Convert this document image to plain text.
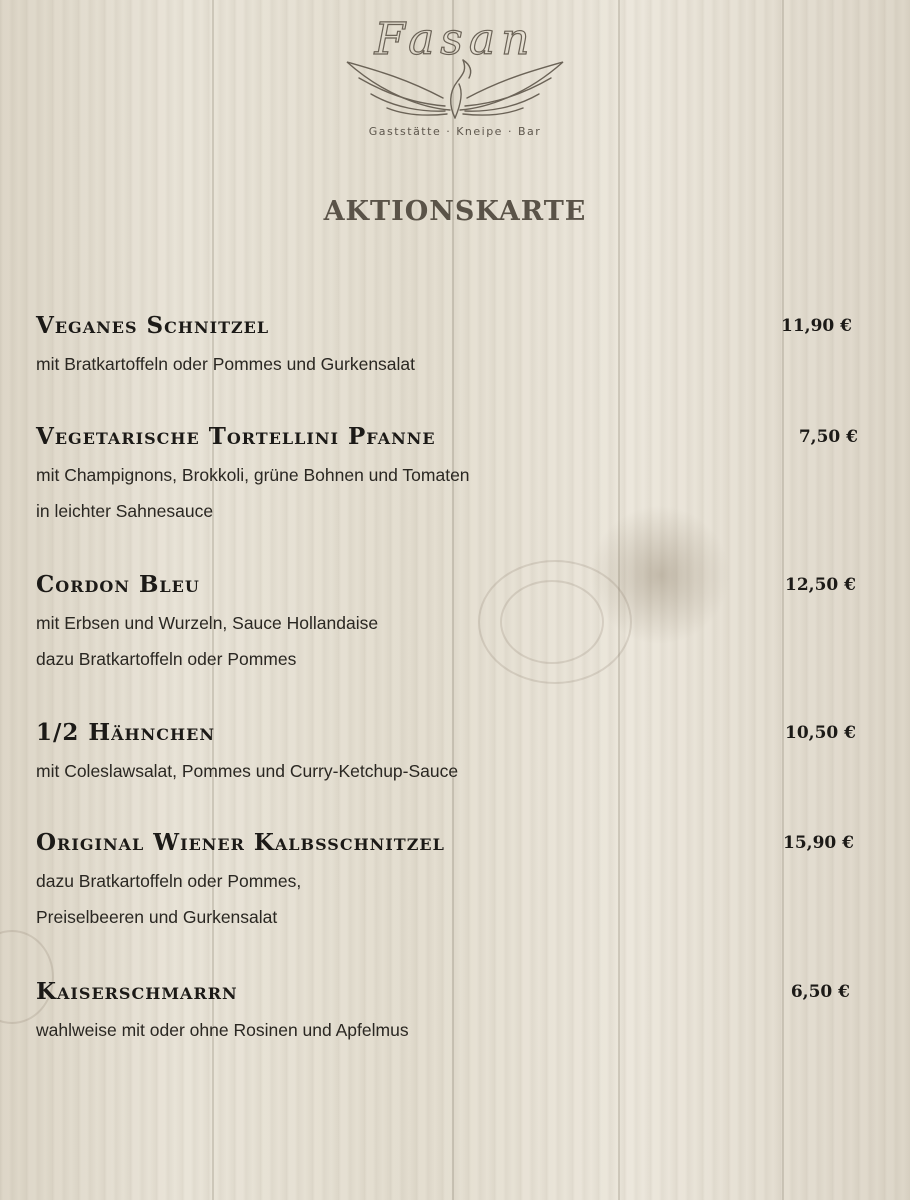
Fasan
Gaststätte · Kneipe · Bar
AKTIONSKARTE
Veganes Schnitzel	11,90 €
mit Bratkartoffeln oder Pommes und Gurkensalat
Vegetarische Tortellini Pfanne	7,50 €
mit Champignons, Brokkoli, grüne Bohnen und Tomaten
in leichter Sahnesauce
Cordon Bleu	12,50 €
mit Erbsen und Wurzeln, Sauce Hollandaise
dazu Bratkartoffeln oder Pommes
1/2 Hähnchen	10,50 €
mit Coleslawsalat, Pommes und Curry-Ketchup-Sauce
Original Wiener Kalbsschnitzel	15,90 €
dazu Bratkartoffeln oder Pommes,
Preiselbeeren und Gurkensalat
Kaiserschmarrn	6,50 €
wahlweise mit oder ohne Rosinen und Apfelmus
